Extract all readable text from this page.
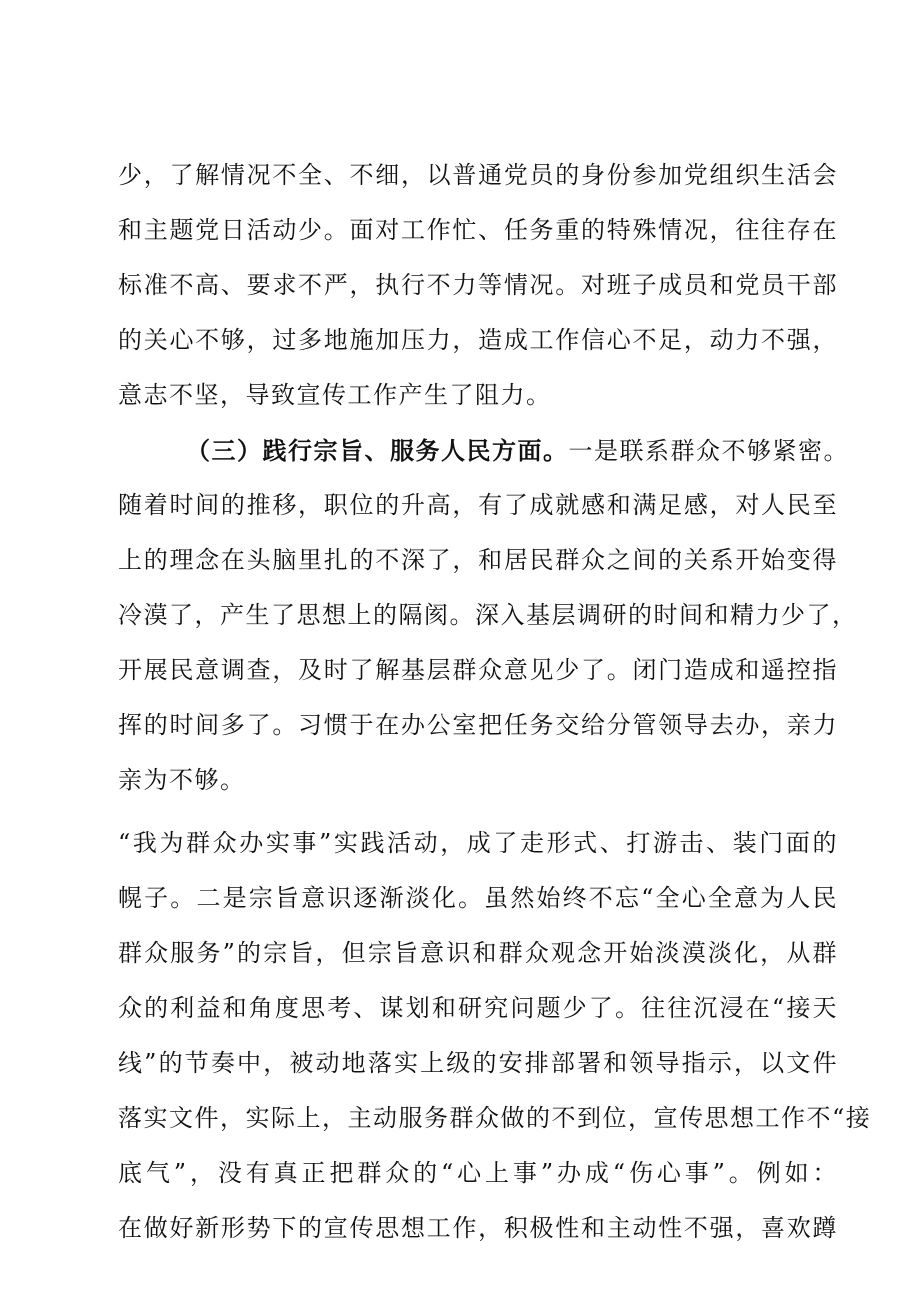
少，了解情况不全、不细，以普通党员的身份参加党组织生活会
和主题党日活动少。面对工作忙、任务重的特殊情况，往往存在
标准不高、要求不严，执行不力等情况。对班子成员和党员干部
的关心不够，过多地施加压力，造成工作信心不足，动力不强，
意志不坚，导致宣传工作产生了阻力。
（三）践行宗旨、服务人民方面。一是联系群众不够紧密。
随着时间的推移，职位的升高，有了成就感和满足感，对人民至
上的理念在头脑里扎的不深了，和居民群众之间的关系开始变得
冷漠了，产生了思想上的隔阂。深入基层调研的时间和精力少了，
开展民意调查，及时了解基层群众意见少了。闭门造成和遥控指
挥的时间多了。习惯于在办公室把任务交给分管领导去办，亲力
亲为不够。
“我为群众办实事”实践活动，成了走形式、打游击、装门面的
幌子。二是宗旨意识逐渐淡化。虽然始终不忘“全心全意为人民
群众服务”的宗旨，但宗旨意识和群众观念开始淡漠淡化，从群
众的利益和角度思考、谋划和研究问题少了。往往沉浸在“接天
线”的节奏中，被动地落实上级的安排部署和领导指示，以文件
落实文件，实际上，主动服务群众做的不到位，宣传思想工作不“接
底气”，没有真正把群众的“心上事”办成“伤心事”。例如：
在做好新形势下的宣传思想工作，积极性和主动性不强，喜欢蹲
